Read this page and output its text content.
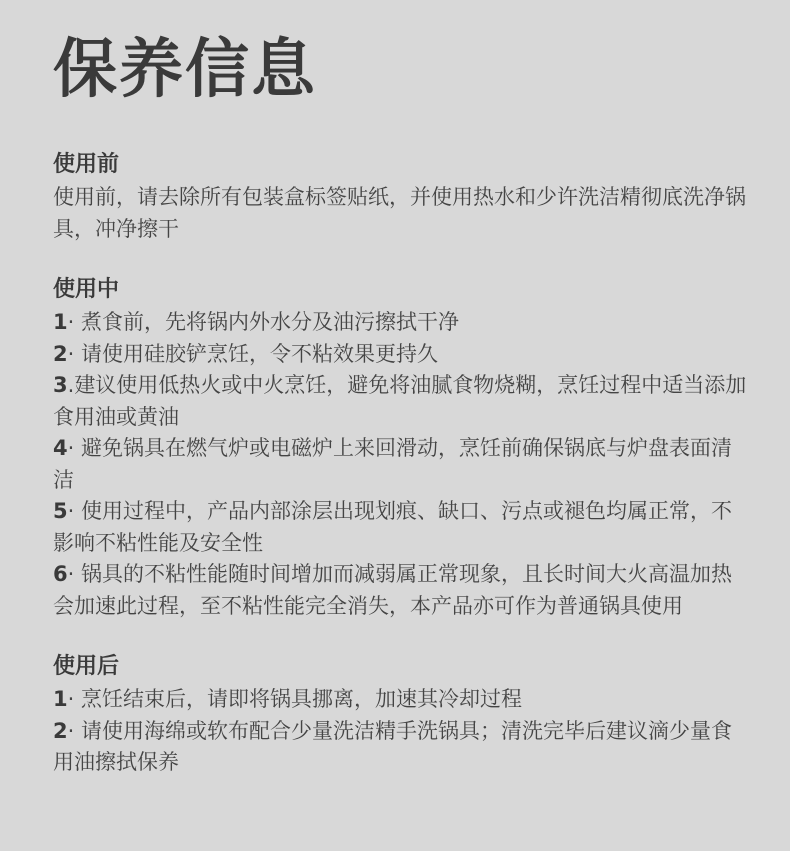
保养信息
使用前

使用前，请去除所有包装盒标签贴纸，并使用热水和少许洗洁精彻底洗净锅具，冲净擦干

使用中
1· 煮食前，先将锅内外水分及油污擦拭干净
2· 请使用硅胶铲烹饪，令不粘效果更持久
3.建议使用低热火或中火烹饪，避免将油腻食物烧糊，烹饪过程中适当添加食用油或黄油
4· 避免锅具在燃气炉或电磁炉上来回滑动，烹饪前确保锅底与炉盘表面清洁
5· 使用过程中，产品内部涂层出现划痕、缺口、污点或褪色均属正常，不影响不粘性能及安全性
6· 锅具的不粘性能随时间增加而减弱属正常现象，且长时间大火高温加热会加速此过程，至不粘性能完全消失，本产品亦可作为普通锅具使用
使用后
1· 烹饪结束后，请即将锅具挪离，加速其冷却过程
2· 请使用海绵或软布配合少量洗洁精手洗锅具；清洗完毕后建议滴少量食用油擦拭保养
